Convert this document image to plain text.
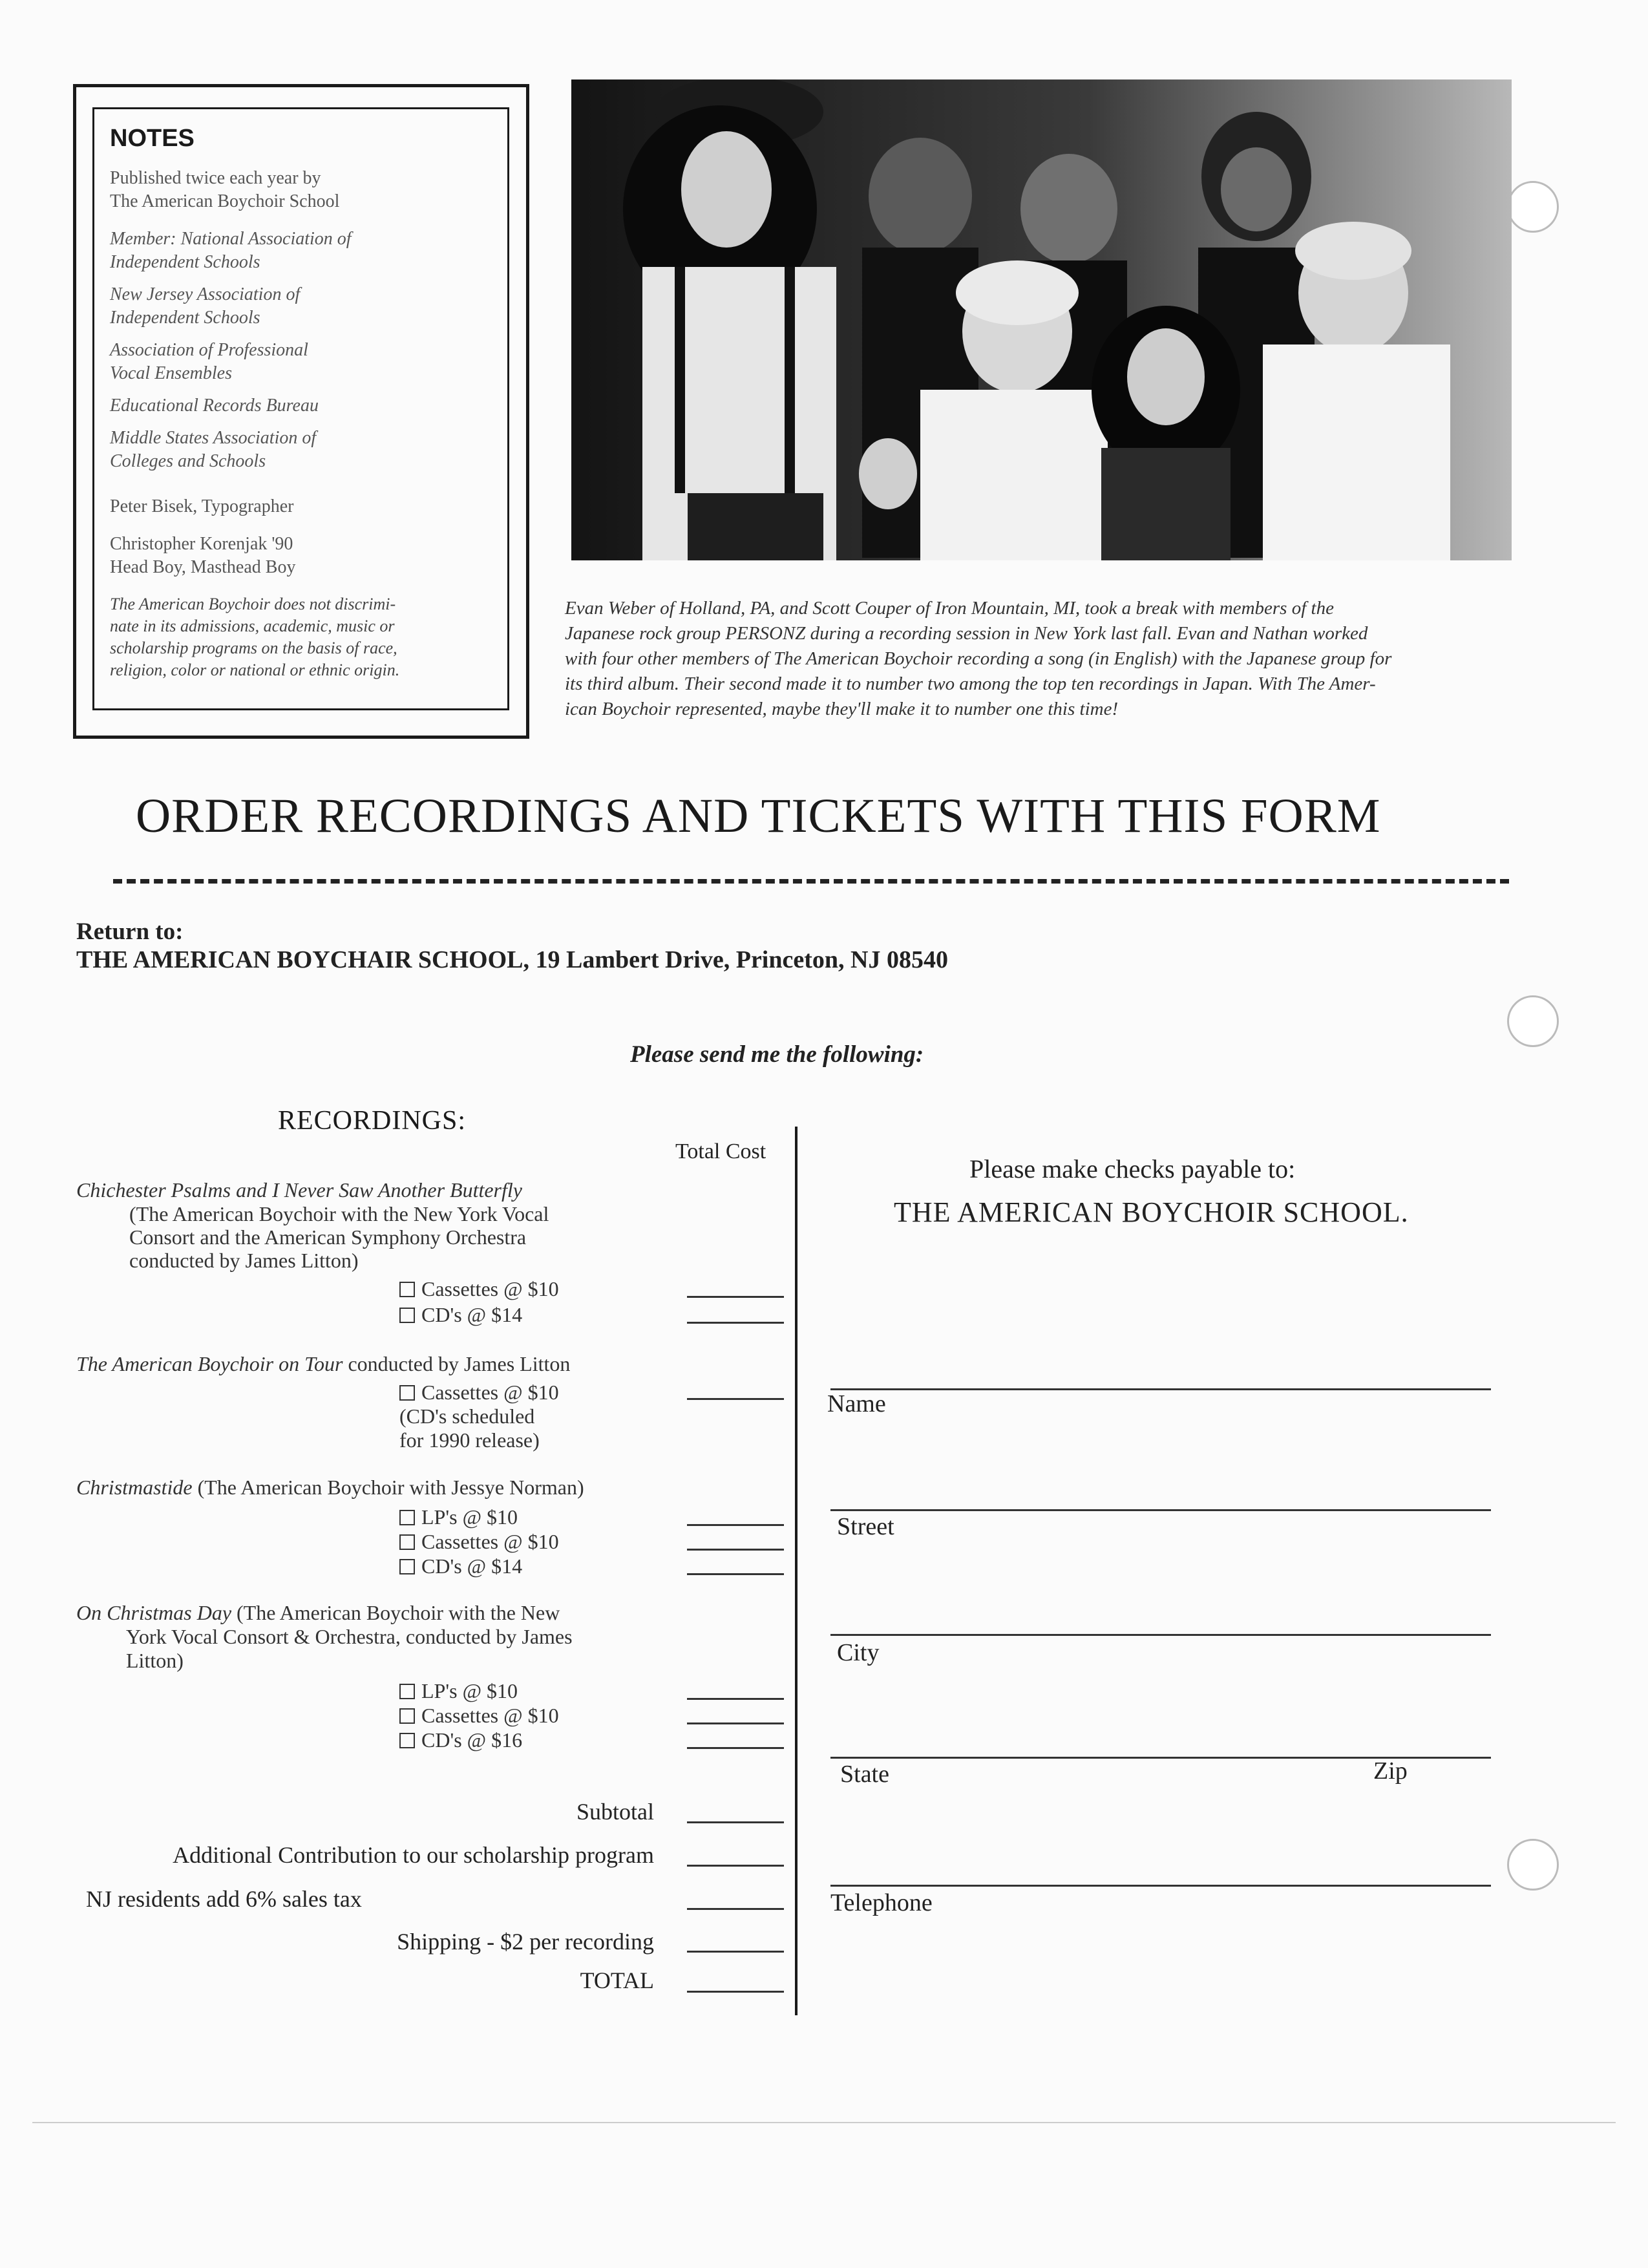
NOTES
Published twice each year by
The American Boychoir School
Member: National Association of
Independent Schools
New Jersey Association of
Independent Schools
Association of Professional
Vocal Ensembles
Educational Records Bureau
Middle States Association of
Colleges and Schools
Peter Bisek, Typographer
Christopher Korenjak '90
Head Boy, Masthead Boy
The American Boychoir does not discrimi-
nate in its admissions, academic, music or
scholarship programs on the basis of race,
religion, color or national or ethnic origin.
Evan Weber of Holland, PA, and Scott Couper of Iron Mountain, MI, took a break with members of the
Japanese rock group PERSONZ during a recording session in New York last fall. Evan and Nathan worked
with four other members of The American Boychoir recording a song (in English) with the Japanese group for
its third album. Their second made it to number two among the top ten recordings in Japan. With The Amer-
ican Boychoir represented, maybe they'll make it to number one this time!
ORDER RECORDINGS AND TICKETS WITH THIS FORM
Return to:
THE AMERICAN BOYCHAIR SCHOOL, 19 Lambert Drive, Princeton, NJ 08540
Please send me the following:
RECORDINGS:
Total Cost
Chichester Psalms and I Never Saw Another Butterfly
(The American Boychoir with the New York Vocal
Consort and the American Symphony Orchestra
conducted by James Litton)
Cassettes @ $10
CD's @ $14
The American Boychoir on Tour conducted by James Litton
Cassettes @ $10
(CD's scheduled
for 1990 release)
Christmastide (The American Boychoir with Jessye Norman)
LP's @ $10
Cassettes @ $10
CD's @ $14
On Christmas Day (The American Boychoir with the New
York Vocal Consort & Orchestra, conducted by James
Litton)
LP's @ $10
Cassettes @ $10
CD's @ $16
Subtotal
Additional Contribution to our scholarship program
NJ residents add 6% sales tax
Shipping - $2 per recording
TOTAL
Please make checks payable to:
THE AMERICAN BOYCHOIR SCHOOL.
Name
Street
City
State	Zip
Telephone
